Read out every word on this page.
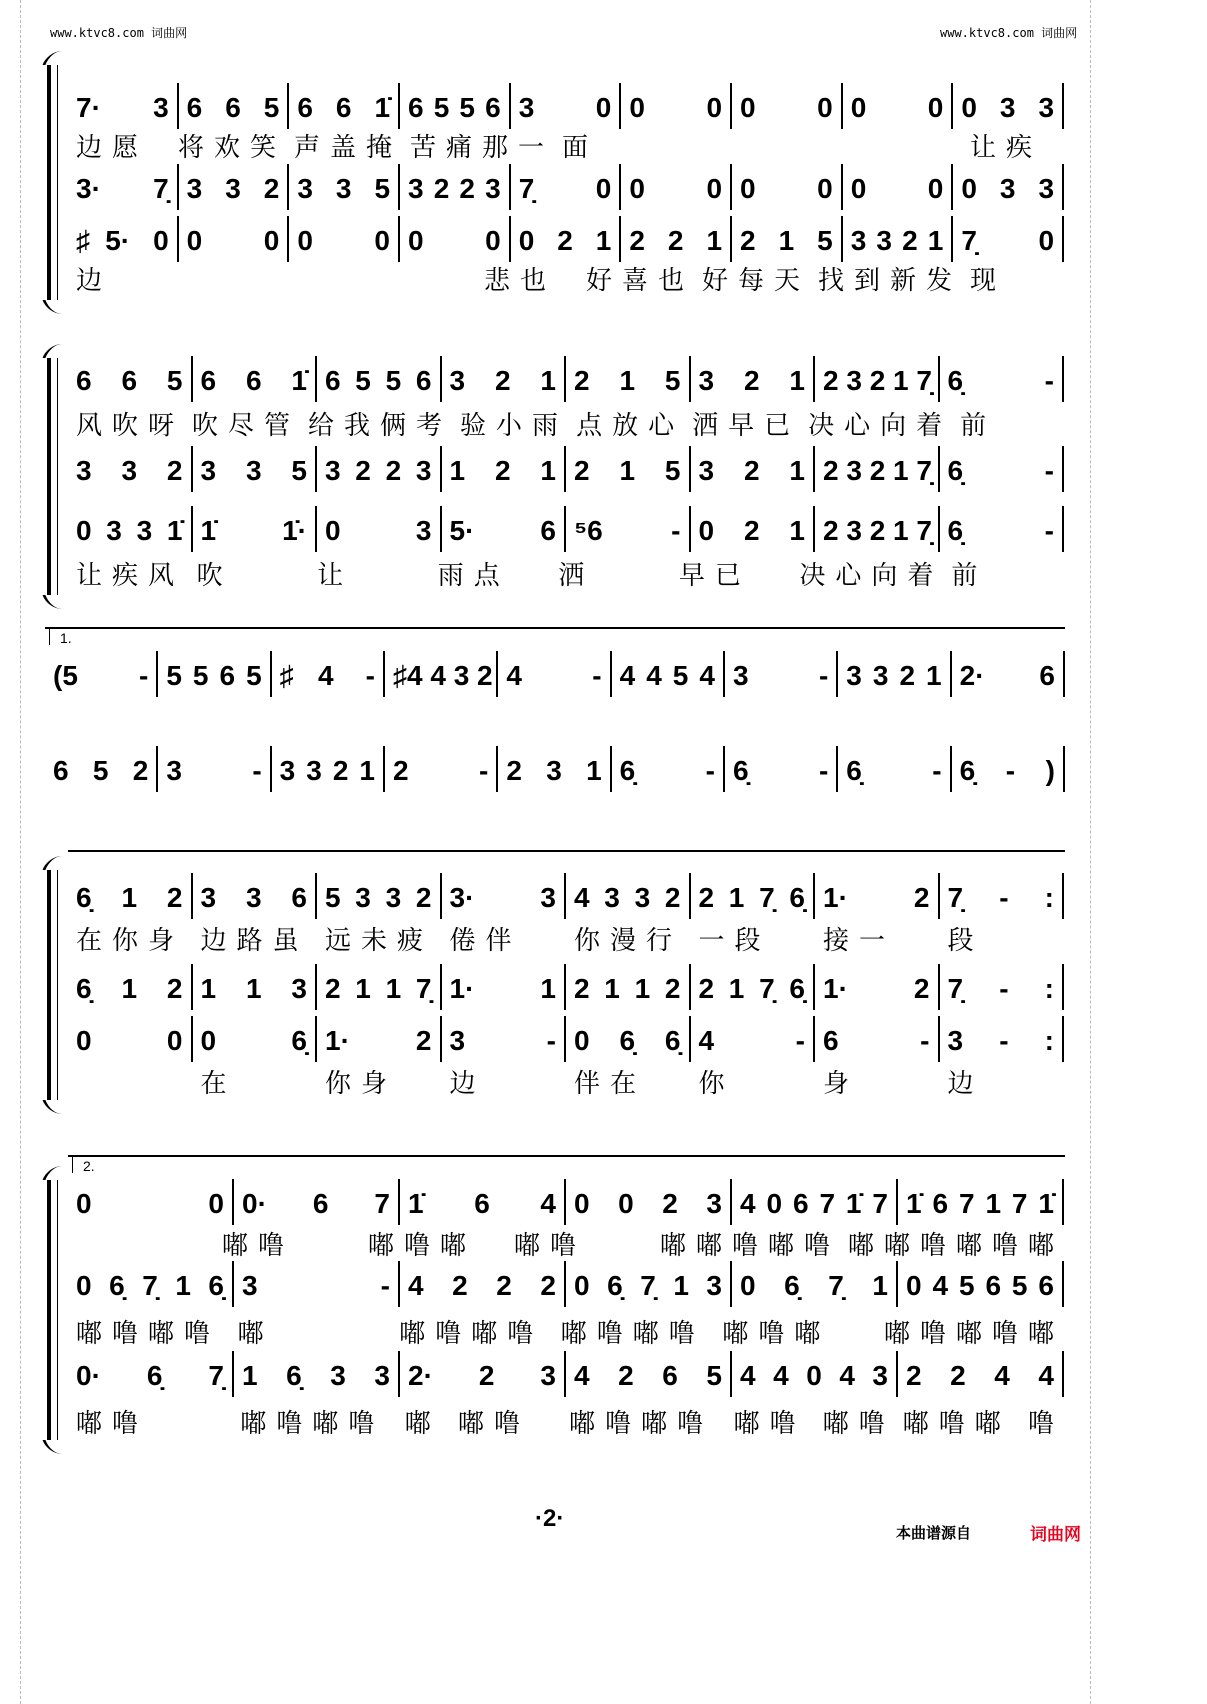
www.ktvc8.com 词曲网	www.ktvc8.com 词曲网
7· 3 6 6 5 6 6 1̇ 6 5 5 6 3 0 0 0 0 0 0 0 0 3 3
边愿	将欢笑 声盖掩 苦痛那一 面	让疾
3· 7̣ 3 3 2 3 3 5 3 2 2 3 7̣ 0 0 0 0 0 0 0 0 3 3
♯5· 0 0 0 0 0 0 0 0 2 1 2 2 1 2 1 5 3 3 2 1 7̣ 0
边	悲也	好喜也 好每天 找到新发 现
6 6 5 6 6 1̇ 6 5 5 6 3 2 1 2 1 5 3 2 1 2 3 2 1 7̣ 6̣ -
风吹呀 吹尽管 给我俩考 验小雨 点放心 洒早已 决心向着 前
3 3 2 3 3 5 3 2 2 3 1 2 1 2 1 5 3 2 1 2 3 2 1 7̣ 6̣ -
0 3 3 1̇ 1̇ 1̇· 0 3 5· 6 ⁵6 - 0 2 1 2 3 2 1 7̣ 6̣ -
让疾风 吹	让	雨点	洒	早已	决心向着 前
1.
(5 - 5 5 6 5 ♯4 - ♯4 4 3 2 4 - 4 4 5 4 3 - 3 3 2 1 2· 6
6 5 2 3 - 3 3 2 1 2 - 2 3 1 6̣ - 6̣ - 6̣ - 6̣ - )
6̣ 1 2 3 3 6 5 3 3 2 3· 3 4 3 3 2 2 1 7̣ 6̣ 1· 2 7̣ - :
在你身 边路虽 远未疲 倦伴	你漫行 一段	接一	段
6̣ 1 2 1 1 3 2 1 1 7̣ 1· 1 2 1 1 2 2 1 7̣ 6̣ 1· 2 7̣ - :
0 0 0 6̣ 1· 2 3 - 0 6̣ 6̣ 4 - 6 - 3 - :
在	你身	边	伴在	你	身	边
2.
0 0 0· 6 7 1̇ 6 4 0 0 2 3 4 0 6 7 1̇ 7 1̇ 6 7 1 7 1̇
嘟噜	嘟噜嘟	嘟噜	嘟嘟噜嘟噜 嘟嘟噜嘟噜嘟
0 6̣ 7̣ 1 6̣ 3 - 4 2 2 2 0 6̣ 7̣ 1 3 0 6̣ 7̣ 1 0 4 5 6 5 6
嘟噜嘟噜 嘟	嘟噜嘟噜 嘟噜嘟噜 嘟噜嘟	嘟噜嘟噜嘟
0· 6̣ 7̣ 1 6̣ 3 3 2· 2 3 4 2 6 5 4 4 0 4 3 2 2 4 4
嘟噜	嘟噜嘟噜 嘟 嘟噜	嘟噜嘟噜 嘟噜 嘟噜 嘟噜嘟 噜
·2·
本曲谱源自	词曲网
